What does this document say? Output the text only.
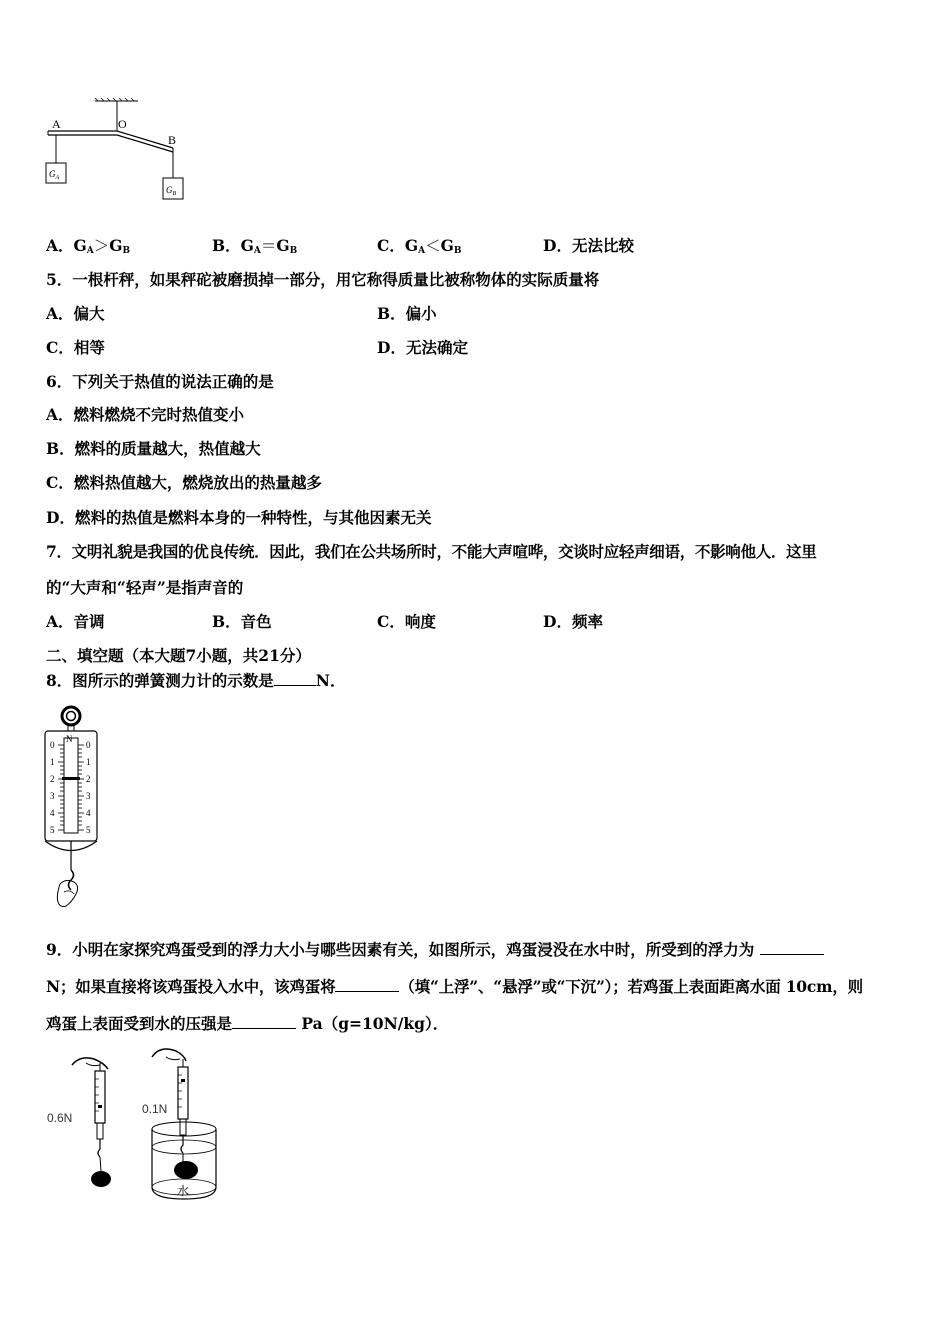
A	O
B
$G_A$
$G_B$
A．$G_A>G_B$	B．$G_A=G_B$	C．$G_A<G_B$	D．无法比较
5．一根杆秤，如果秤砣被磨损掉一部分，用它称得质量比被称物体的实际质量将
A．偏大	B．偏小
C．相等	D．无法确定
6．下列关于热值的说法正确的是
A．燃料燃烧不完时热值变小
B．燃料的质量越大，热值越大
C．燃料热值越大，燃烧放出的热量越多
D．燃料的热值是燃料本身的一种特性，与其他因素无关
7．文明礼貌是我国的优良传统．因此，我们在公共场所时，不能大声喧哗，交谈时应轻声细语，不影响他人．这里
的“大声和“轻声”是指声音的
A．音调	B．音色	C．响度	D．频率
二、填空题（本大题7小题，共21分）
8．图所示的弹簧测力计的示数是	N．
N
0
1
2
3
4
5
0
1
2
3
4
5
9．小明在家探究鸡蛋受到的浮力大小与哪些因素有关，如图所示，鸡蛋浸没在水中时，所受到的浮力为
N；如果直接将该鸡蛋投入水中，该鸡蛋将	（填“上浮”、“悬浮”或“下沉”）；若鸡蛋上表面距离水面 10cm，则
鸡蛋上表面受到水的压强是	Pa（g=10N/kg）．
0.6N
0.1N
水
